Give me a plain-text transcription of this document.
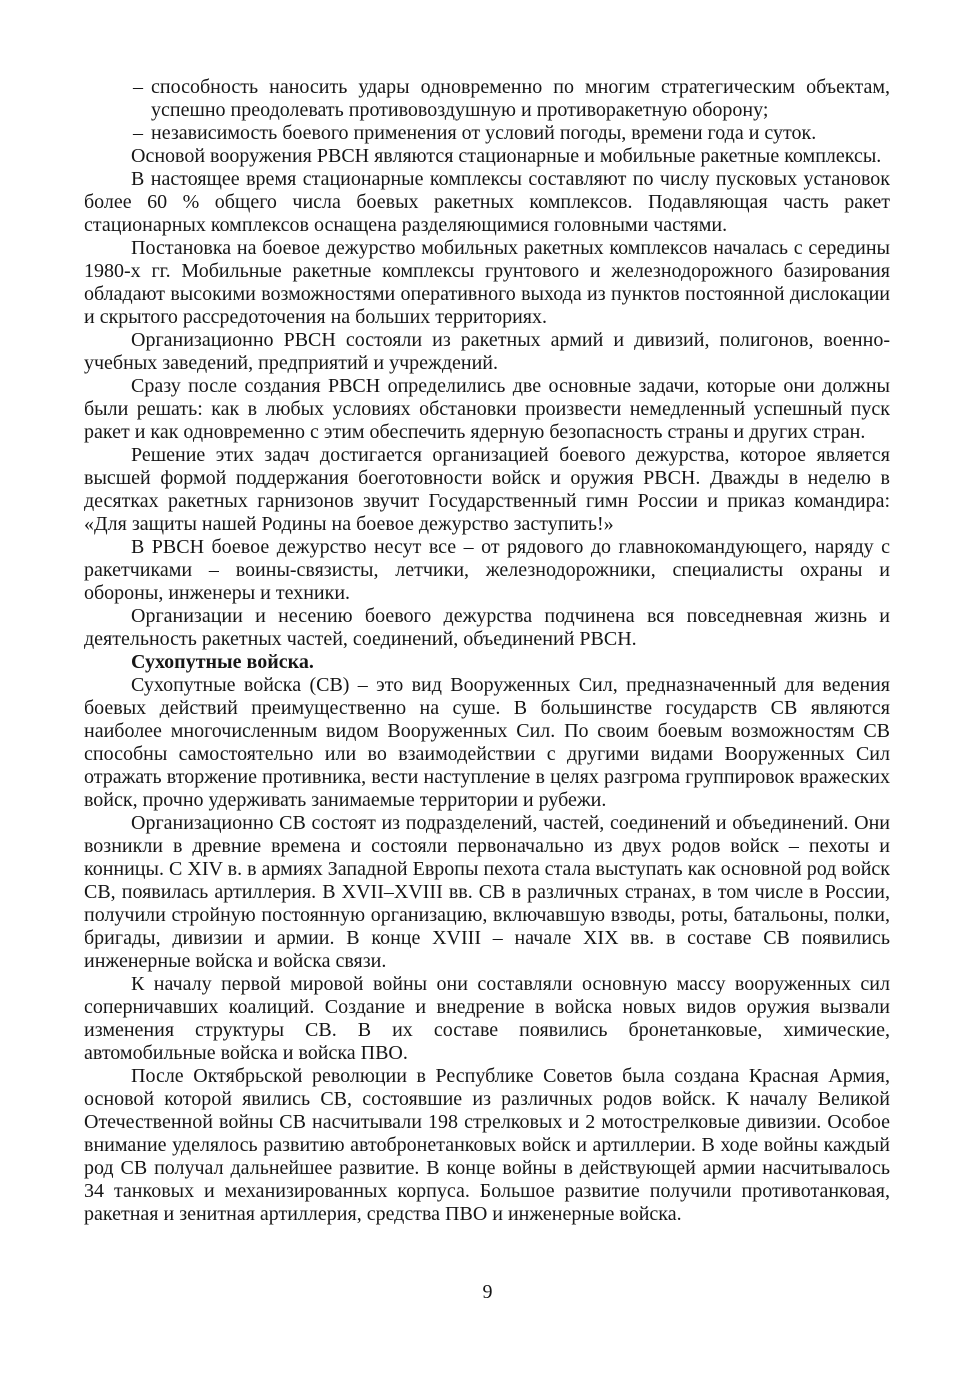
– способность наносить удары одновременно по многим стратегическим объектам, успешно преодолевать противовоздушную и противоракетную оборону;
– независимость боевого применения от условий погоды, времени года и суток.

Основой вооружения РВСН являются стационарные и мобильные ракетные комплексы.

В настоящее время стационарные комплексы составляют по числу пусковых установок более 60 % общего числа боевых ракетных комплексов. Подавляющая часть ракет стационарных комплексов оснащена разделяющимися головными частями.

Постановка на боевое дежурство мобильных ракетных комплексов началась с середины 1980-х гг. Мобильные ракетные комплексы грунтового и железнодорожного базирования обладают высокими возможностями оперативного выхода из пунктов постоянной дислокации и скрытого рассредоточения на больших территориях.

Организационно РВСН состояли из ракетных армий и дивизий, полигонов, военно-учебных заведений, предприятий и учреждений.

Сразу после создания РВСН определились две основные задачи, которые они должны были решать: как в любых условиях обстановки произвести немедленный успешный пуск ракет и как одновременно с этим обеспечить ядерную безопасность страны и других стран.

Решение этих задач достигается организацией боевого дежурства, которое является высшей формой поддержания боеготовности войск и оружия РВСН. Дважды в неделю в десятках ракетных гарнизонов звучит Государственный гимн России и приказ командира: «Для защиты нашей Родины на боевое дежурство заступить!»

В РВСН боевое дежурство несут все – от рядового до главнокомандующего, наряду с ракетчиками – воины-связисты, летчики, железнодорожники, специалисты охраны и обороны, инженеры и техники.

Организации и несению боевого дежурства подчинена вся повседневная жизнь и деятельность ракетных частей, соединений, объединений РВСН.

Сухопутные войска.

Сухопутные войска (СВ) – это вид Вооруженных Сил, предназначенный для ведения боевых действий преимущественно на суше. В большинстве государств СВ являются наиболее многочисленным видом Вооруженных Сил. По своим боевым возможностям СВ способны самостоятельно или во взаимодействии с другими видами Вооруженных Сил отражать вторжение противника, вести наступление в целях разгрома группировок вражеских войск, прочно удерживать занимаемые территории и рубежи.

Организационно СВ состоят из подразделений, частей, соединений и объединений. Они возникли в древние времена и состояли первоначально из двух родов войск – пехоты и конницы. С XIV в. в армиях Западной Европы пехота стала выступать как основной род войск СВ, появилась артиллерия. В XVII–XVIII вв. СВ в различных странах, в том числе в России, получили стройную постоянную организацию, включавшую взводы, роты, батальоны, полки, бригады, дивизии и армии. В конце XVIII – начале XIX вв. в составе СВ появились инженерные войска и войска связи.

К началу первой мировой войны они составляли основную массу вооруженных сил соперничавших коалиций. Создание и внедрение в войска новых видов оружия вызвали изменения структуры СВ. В их составе появились бронетанковые, химические, автомобильные войска и войска ПВО.

После Октябрьской революции в Республике Советов была создана Красная Армия, основой которой явились СВ, состоявшие из различных родов войск. К началу Великой Отечественной войны СВ насчитывали 198 стрелковых и 2 мотострелковые дивизии. Особое внимание уделялось развитию автобронетанковых войск и артиллерии. В ходе войны каждый род СВ получал дальнейшее развитие. В конце войны в действующей армии насчитывалось 34 танковых и механизированных корпуса. Большое развитие получили противотанковая, ракетная и зенитная артиллерия, средства ПВО и инженерные войска.

9
